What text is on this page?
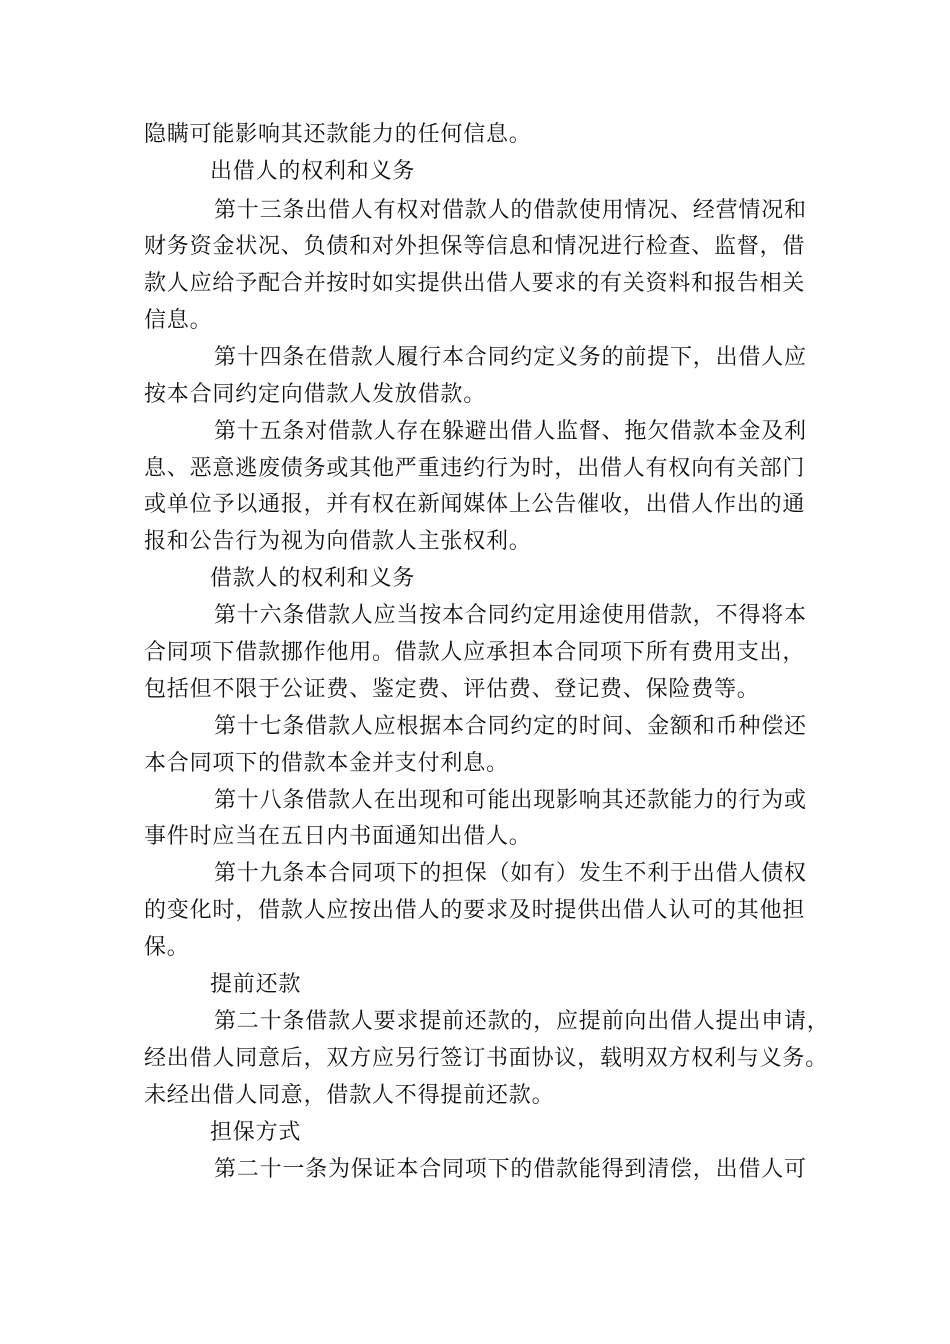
隐瞒可能影响其还款能力的任何信息。
出借人的权利和义务
第十三条出借人有权对借款人的借款使用情况、经营情况和
财务资金状况、负债和对外担保等信息和情况进行检查、监督，借
款人应给予配合并按时如实提供出借人要求的有关资料和报告相关
信息。
第十四条在借款人履行本合同约定义务的前提下，出借人应
按本合同约定向借款人发放借款。
第十五条对借款人存在躲避出借人监督、拖欠借款本金及利
息、恶意逃废债务或其他严重违约行为时，出借人有权向有关部门
或单位予以通报，并有权在新闻媒体上公告催收，出借人作出的通
报和公告行为视为向借款人主张权利。
借款人的权利和义务
第十六条借款人应当按本合同约定用途使用借款，不得将本
合同项下借款挪作他用。借款人应承担本合同项下所有费用支出，
包括但不限于公证费、鉴定费、评估费、登记费、保险费等。
第十七条借款人应根据本合同约定的时间、金额和币种偿还
本合同项下的借款本金并支付利息。
第十八条借款人在出现和可能出现影响其还款能力的行为或
事件时应当在五日内书面通知出借人。
第十九条本合同项下的担保（如有）发生不利于出借人债权
的变化时，借款人应按出借人的要求及时提供出借人认可的其他担
保。
提前还款
第二十条借款人要求提前还款的，应提前向出借人提出申请，
经出借人同意后，双方应另行签订书面协议，载明双方权利与义务。
未经出借人同意，借款人不得提前还款。
担保方式
第二十一条为保证本合同项下的借款能得到清偿，出借人可
